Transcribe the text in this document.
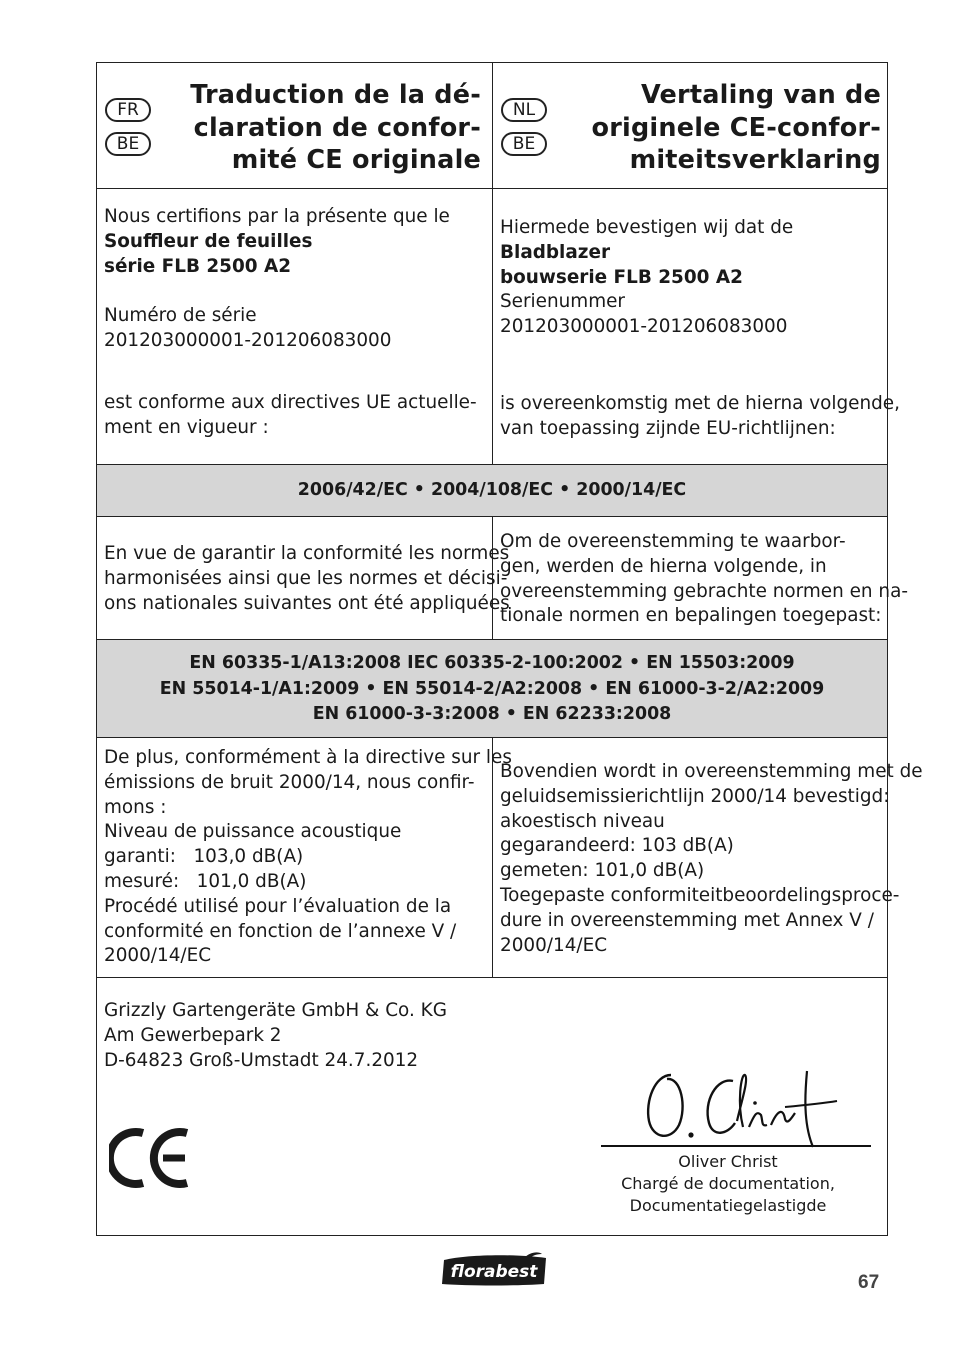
FR
BE
Traduction de la dé-
claration de confor-
mité CE originale
NL
BE
Vertaling van de
originele CE-confor-
miteitsverklaring
Nous certifions par la présente que le
Souffleur de feuilles
série FLB 2500 A2
Numéro de série
201203000001-201206083000
Hiermede bevestigen wij dat de
Bladblazer
bouwserie FLB 2500 A2
Serienummer
201203000001-201206083000
est conforme aux directives UE actuelle-
ment en vigueur :
is overeenkomstig met de hierna volgende,
van toepassing zijnde EU-richtlijnen:
2006/42/EC • 2004/108/EC • 2000/14/EC
En vue de garantir la conformité les normes
harmonisées ainsi que les normes et décisi-
ons nationales suivantes ont été appliquées
Om de overeenstemming te waarbor-
gen, werden de hierna volgende, in
overeenstemming gebrachte normen en na-
tionale normen en bepalingen toegepast:
EN 60335-1/A13:2008 IEC 60335-2-100:2002 • EN 15503:2009
EN 55014-1/A1:2009 • EN 55014-2/A2:2008 • EN 61000-3-2/A2:2009
EN 61000-3-3:2008 • EN 62233:2008
De plus, conformément à la directive sur les
émissions de bruit 2000/14, nous confir-
mons :
Niveau de puissance acoustique
garanti:   103,0 dB(A)
mesuré:   101,0 dB(A)
Procédé utilisé pour l’évaluation de la
conformité en fonction de l’annexe V /
2000/14/EC
Bovendien wordt in overeenstemming met de
geluidsemissierichtlijn 2000/14 bevestigd:
akoestisch niveau
gegarandeerd: 103 dB(A)
gemeten: 101,0 dB(A)
Toegepaste conformiteitbeoordelingsproce-
dure in overeenstemming met Annex V /
2000/14/EC
Grizzly Gartengeräte GmbH & Co. KG
Am Gewerbepark 2
D-64823 Groß-Umstadt 24.7.2012
Oliver Christ
Chargé de documentation,
Documentatiegelastigde
florabest	67
